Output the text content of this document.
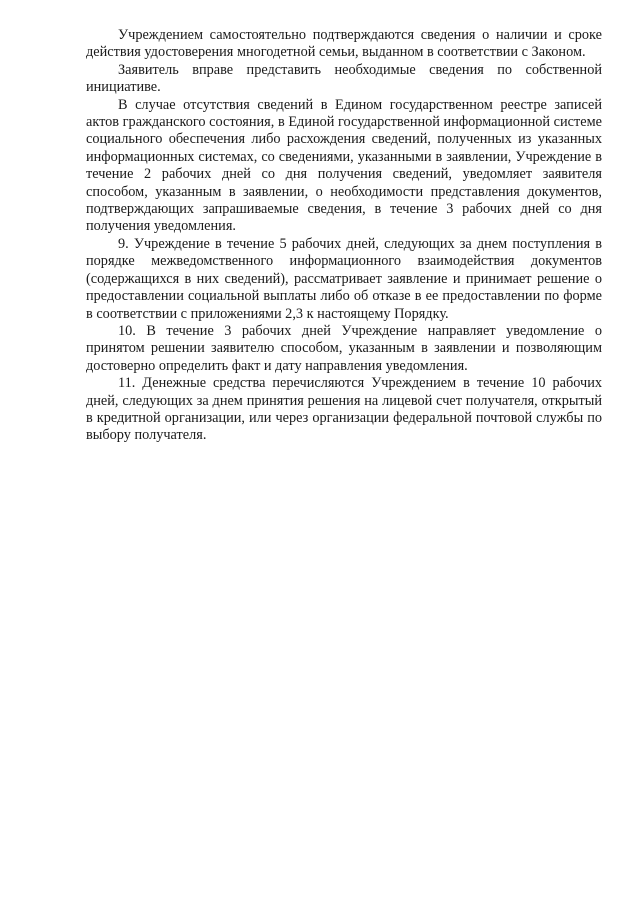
Учреждением самостоятельно подтверждаются сведения о наличии и сроке действия удостоверения многодетной семьи, выданном в соответствии с Законом.

Заявитель вправе представить необходимые сведения по собственной инициативе.

В случае отсутствия сведений в Едином государственном реестре записей актов гражданского состояния, в Единой государственной информационной системе социального обеспечения либо расхождения сведений, полученных из указанных информационных системах, со сведениями, указанными в заявлении, Учреждение в течение 2 рабочих дней со дня получения сведений, уведомляет заявителя способом, указанным в заявлении, о необходимости представления документов, подтверждающих запрашиваемые сведения, в течение 3 рабочих дней со дня получения уведомления.

9. Учреждение в течение 5 рабочих дней, следующих за днем поступления в порядке межведомственного информационного взаимодействия документов (содержащихся в них сведений), рассматривает заявление и принимает решение о предоставлении социальной выплаты либо об отказе в ее предоставлении по форме в соответствии с приложениями 2,3 к настоящему Порядку.

10. В течение 3 рабочих дней Учреждение направляет уведомление о принятом решении заявителю способом, указанным в заявлении и позволяющим достоверно определить факт и дату направления уведомления.

11. Денежные средства перечисляются Учреждением в течение 10 рабочих дней, следующих за днем принятия решения на лицевой счет получателя, открытый в кредитной организации, или через организации федеральной почтовой службы по выбору получателя.
